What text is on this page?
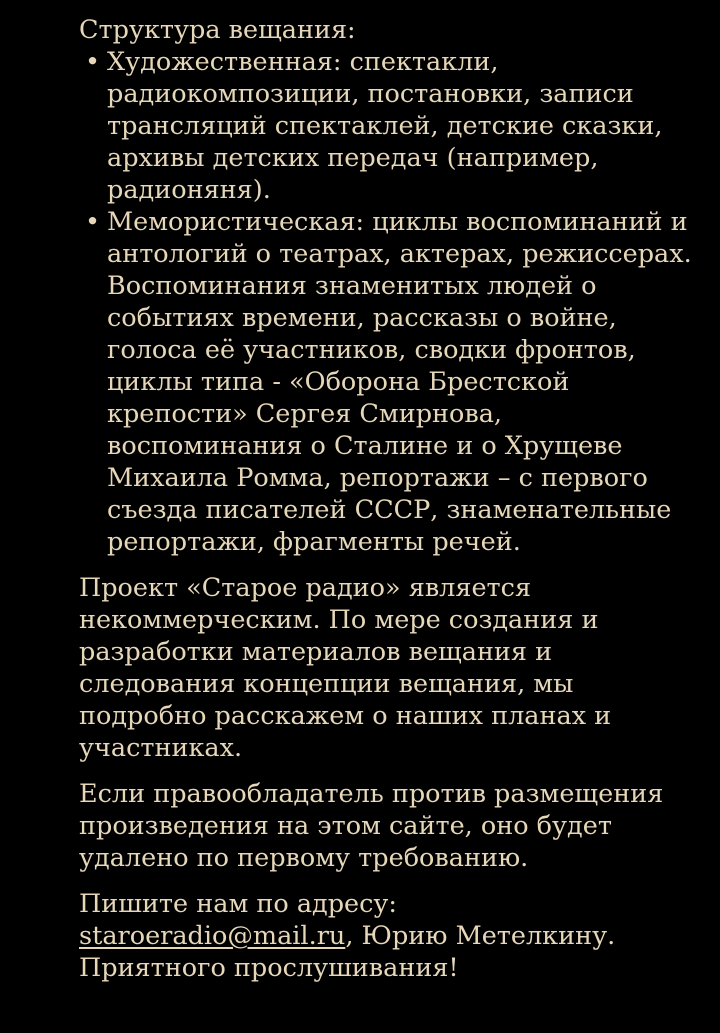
Структура вещания:

• Художественная: спектакли, радиокомпозиции, постановки, записи трансляций спектаклей, детские сказки, архивы детских передач (например, радионяня).
• Мемористическая: циклы воспоминаний и антологий о театрах, актерах, режиссерах. Воспоминания знаменитых людей о событиях времени, рассказы о войне, голоса её участников, сводки фронтов, циклы типа - «Оборона Брестской крепости» Сергея Смирнова, воспоминания о Сталине и о Хрущеве Михаила Ромма, репортажи – с первого съезда писателей СССР, знаменательные репортажи, фрагменты речей.

Проект «Старое радио» является некоммерческим. По мере создания и разработки материалов вещания и следования концепции вещания, мы подробно расскажем о наших планах и участниках.

Если правообладатель против размещения произведения на этом сайте, оно будет удалено по первому требованию.

Пишите нам по адресу:
staroeradio@mail.ru, Юрию Метелкину.
Приятного прослушивания!
